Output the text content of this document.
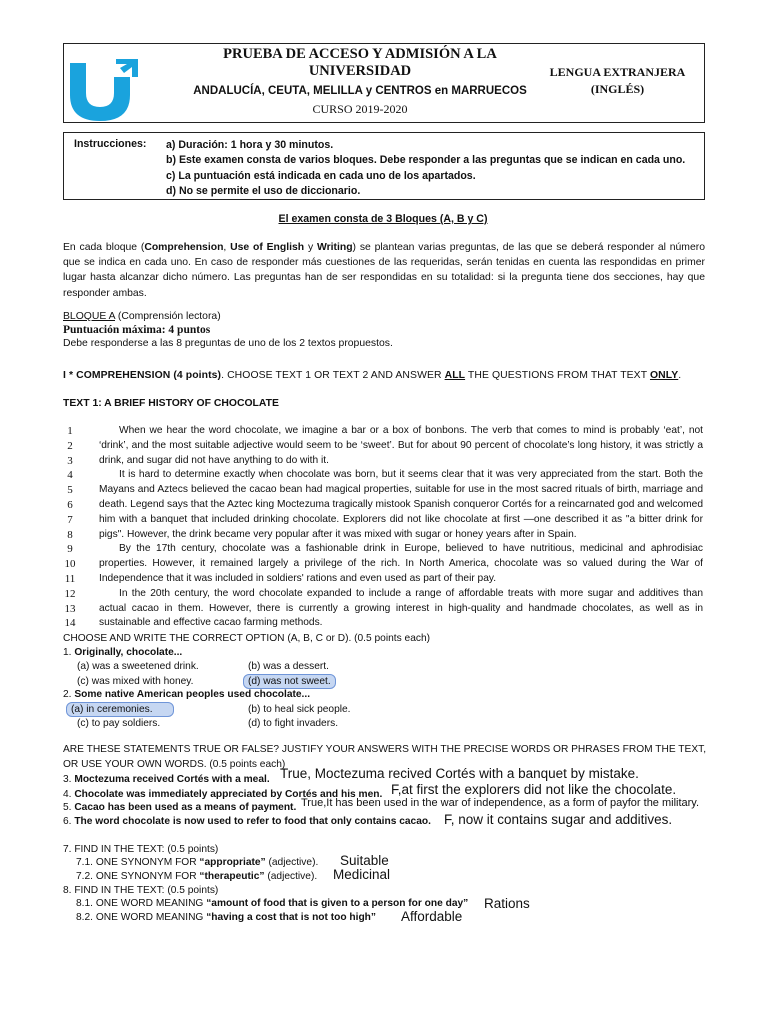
PRUEBA DE ACCESO Y ADMISIÓN A LA
UNIVERSIDAD
ANDALUCÍA, CEUTA, MELILLA y CENTROS en MARRUECOS
CURSO 2019-2020
LENGUA EXTRANJERA
(INGLÉS)
Instrucciones: a) Duración: 1 hora y 30 minutos.
b) Este examen consta de varios bloques. Debe responder a las preguntas que se indican en cada uno.
c) La puntuación está indicada en cada uno de los apartados.
d) No se permite el uso de diccionario.
El examen consta de 3 Bloques (A, B y C)
En cada bloque (Comprehension, Use of English y Writing) se plantean varias preguntas, de las que se deberá responder al número que se indica en cada uno. En caso de responder más cuestiones de las requeridas, serán tenidas en cuenta las respondidas en primer lugar hasta alcanzar dicho número. Las preguntas han de ser respondidas en su totalidad: si la pregunta tiene dos secciones, hay que responder ambas.
BLOQUE A (Comprensión lectora)
Puntuación máxima: 4 puntos
Debe responderse a las 8 preguntas de uno de los 2 textos propuestos.
I * COMPREHENSION (4 points). CHOOSE TEXT 1 OR TEXT 2 AND ANSWER ALL THE QUESTIONS FROM THAT TEXT ONLY.
TEXT 1: A BRIEF HISTORY OF CHOCOLATE
1
2
3
4
5
6
7
8
9
10
11
12
13
14

When we hear the word chocolate, we imagine a bar or a box of bonbons. The verb that comes to mind is probably ‘eat’, not ‘drink’, and the most suitable adjective would seem to be ‘sweet’. But for about 90 percent of chocolate’s long history, it was strictly a drink, and sugar did not have anything to do with it.

It is hard to determine exactly when chocolate was born, but it seems clear that it was very appreciated from the start. Both the Mayans and Aztecs believed the cacao bean had magical properties, suitable for use in the most sacred rituals of birth, marriage and death. Legend says that the Aztec king Moctezuma tragically mistook Spanish conqueror Cortés for a reincarnated god and welcomed him with a banquet that included drinking chocolate. Explorers did not like chocolate at first —one described it as "a bitter drink for pigs". However, the drink became very popular after it was mixed with sugar or honey years after in Spain.

By the 17th century, chocolate was a fashionable drink in Europe, believed to have nutritious, medicinal and aphrodisiac properties. However, it remained largely a privilege of the rich. In North America, chocolate was so valued during the War of Independence that it was included in soldiers' rations and even used as part of their pay.

In the 20th century, the word chocolate expanded to include a range of affordable treats with more sugar and additives than actual cacao in them. However, there is currently a growing interest in high-quality and handmade chocolates, as well as in sustainable and effective cacao farming methods.

CHOOSE AND WRITE THE CORRECT OPTION (A, B, C or D). (0.5 points each)
1. Originally, chocolate...
(a) was a sweetened drink.	(b) was a dessert.
(c) was mixed with honey.	(d) was not sweet.
2. Some native American peoples used chocolate...
(a) in ceremonies.	(b) to heal sick people.
(c) to pay soldiers.	(d) to fight invaders.
ARE THESE STATEMENTS TRUE OR FALSE? JUSTIFY YOUR ANSWERS WITH THE PRECISE WORDS OR PHRASES FROM THE TEXT, OR USE YOUR OWN WORDS. (0.5 points each)
3. Moctezuma received Cortés with a meal. True, Moctezuma recived Cortés with a banquet by mistake.
4. Chocolate was immediately appreciated by Cortés and his men. F,at first the explorers did not like the chocolate.
5. Cacao has been used as a means of payment. True,It has been used in the war of independence, as a form of payfor the military.
6. The word chocolate is now used to refer to food that only contains cacao. F, now it contains sugar and additives.
7. FIND IN THE TEXT: (0.5 points)
7.1. ONE SYNONYM FOR “appropriate” (adjective). Suitable
7.2. ONE SYNONYM FOR “therapeutic” (adjective). Medicinal
8. FIND IN THE TEXT: (0.5 points)
8.1. ONE WORD MEANING “amount of food that is given to a person for one day” Rations
8.2. ONE WORD MEANING “having a cost that is not too high” Affordable
